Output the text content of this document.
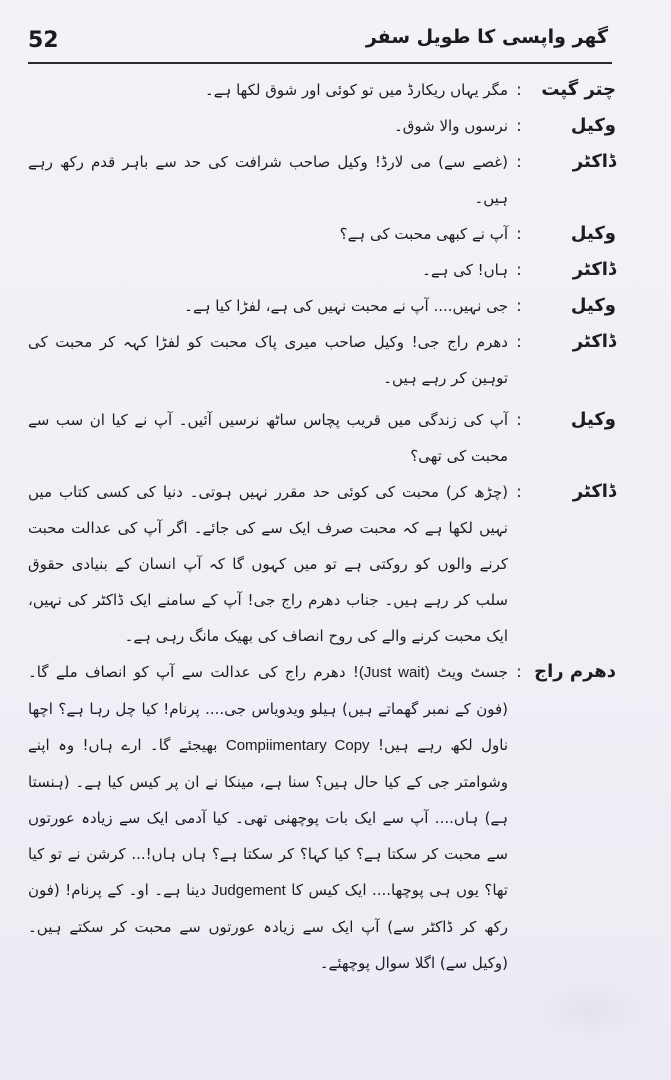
52	گھر واپسی کا طویل سفر
چتر گپت
:
مگر یہاں ریکارڈ میں تو کوئی اور شوق لکھا ہے۔
وکیل
:
نرسوں والا شوق۔
ڈاکٹر
:
(غصے سے) می لارڈ! وکیل صاحب شرافت کی حد سے باہر قدم رکھ رہے ہیں۔
وکیل
:
آپ نے کبھی محبت کی ہے؟
ڈاکٹر
:
ہاں! کی ہے۔
وکیل
:
جی نہیں.... آپ نے محبت نہیں کی ہے، لفڑا کیا ہے۔
ڈاکٹر
:
دھرم راج جی! وکیل صاحب میری پاک محبت کو لفڑا کہہ کر محبت کی توہین کر رہے ہیں۔
وکیل
:
آپ کی زندگی میں قریب پچاس ساٹھ نرسیں آئیں۔ آپ نے کیا ان سب سے محبت کی تھی؟
ڈاکٹر
:
(چڑھ کر) محبت کی کوئی حد مقرر نہیں ہوتی۔ دنیا کی کسی کتاب میں نہیں لکھا ہے کہ محبت صرف ایک سے کی جائے۔ اگر آپ کی عدالت محبت کرنے والوں کو روکتی ہے تو میں کہوں گا کہ آپ انسان کے بنیادی حقوق سلب کر رہے ہیں۔ جناب دھرم راج جی! آپ کے سامنے ایک ڈاکٹر کی نہیں، ایک محبت کرنے والے کی روح انصاف کی بھیک مانگ رہی ہے۔
دھرم راج
:
جسٹ ویٹ (Just wait)! دھرم راج کی عدالت سے آپ کو انصاف ملے گا۔ (فون کے نمبر گھماتے ہیں) ہیلو ویدویاس جی.... پرنام! کیا چل رہا ہے؟ اچھا ناول لکھ رہے ہیں! Compiimentary Copy بھیجئے گا۔ ارے ہاں! وہ اپنے وشوامتر جی کے کیا حال ہیں؟ سنا ہے، مینکا نے ان پر کیس کیا ہے۔ (ہنستا ہے) ہاں.... آپ سے ایک بات پوچھنی تھی۔ کیا آدمی ایک سے زیادہ عورتوں سے محبت کر سکتا ہے؟ کیا کہا؟ کر سکتا ہے؟ ہاں ہاں!... کرشن نے تو کیا تھا؟ یوں ہی پوچھا.... ایک کیس کا Judgement دینا ہے۔ او۔ کے پرنام! (فون رکھ کر ڈاکٹر سے) آپ ایک سے زیادہ عورتوں سے محبت کر سکتے ہیں۔ (وکیل سے) اگلا سوال پوچھئے۔
